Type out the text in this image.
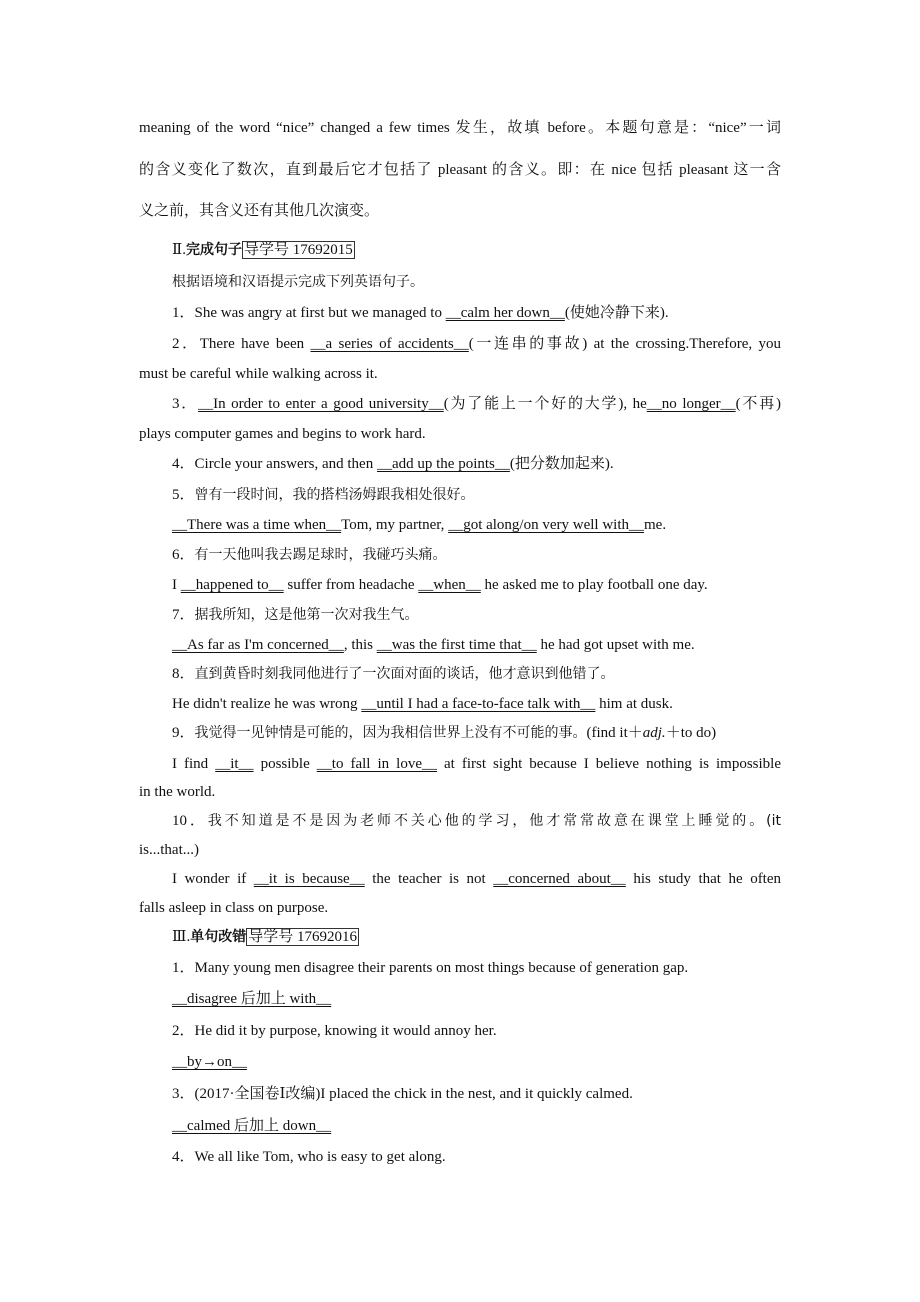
meaning of the word “nice” changed a few times 发生，故填 before。本题句意是：“nice”一词
的含义变化了数次，直到最后它才包括了 pleasant 的含义。即：在 nice 包括 pleasant 这一含
义之前，其含义还有其他几次演变。
Ⅱ.完成句子 导学号 17692015
根据语境和汉语提示完成下列英语句子。
1．She was angry at first but we managed to __calm her down__(使她冷静下来).
2．There have been __a series of accidents__(一连串的事故) at the crossing.Therefore, you
must be careful while walking across it.
3．__In order to enter a good university__(为了能上一个好的大学), he__no longer__(不再)
plays computer games and begins to work hard.
4．Circle your answers, and then __add up the points__(把分数加起来).
5．曾有一段时间，我的搭档汤姆跟我相处很好。
__There was a time when__Tom, my partner, __got along/on very well with__me.
6．有一天他叫我去踢足球时，我碰巧头痛。
I __happened to__ suffer from headache __when__ he asked me to play football one day.
7．据我所知，这是他第一次对我生气。
__As far as I'm concerned__, this __was the first time that__ he had got upset with me.
8．直到黄昏时刻我同他进行了一次面对面的谈话，他才意识到他错了。
He didn't realize he was wrong __until I had a face-to-face talk with__ him at dusk.
9．我觉得一见钟情是可能的，因为我相信世界上没有不可能的事。(find it＋adj.＋to do)
I find __it__ possible __to fall in love__ at first sight because I believe nothing is impossible
in the world.
10．我不知道是不是因为老师不关心他的学习，他才常常故意在课堂上睡觉的。(it
is...that...)
I wonder if __it is because__ the teacher is not __concerned about__ his study that he often
falls asleep in class on purpose.
Ⅲ.单句改错 导学号 17692016
1．Many young men disagree their parents on most things because of generation gap.
__disagree 后加上 with__
2．He did it by purpose, knowing it would annoy her.
__by→on__
3．(2017·全国卷Ⅰ改编)I placed the chick in the nest, and it quickly calmed.
__calmed 后加上 down__
4．We all like Tom, who is easy to get along.
